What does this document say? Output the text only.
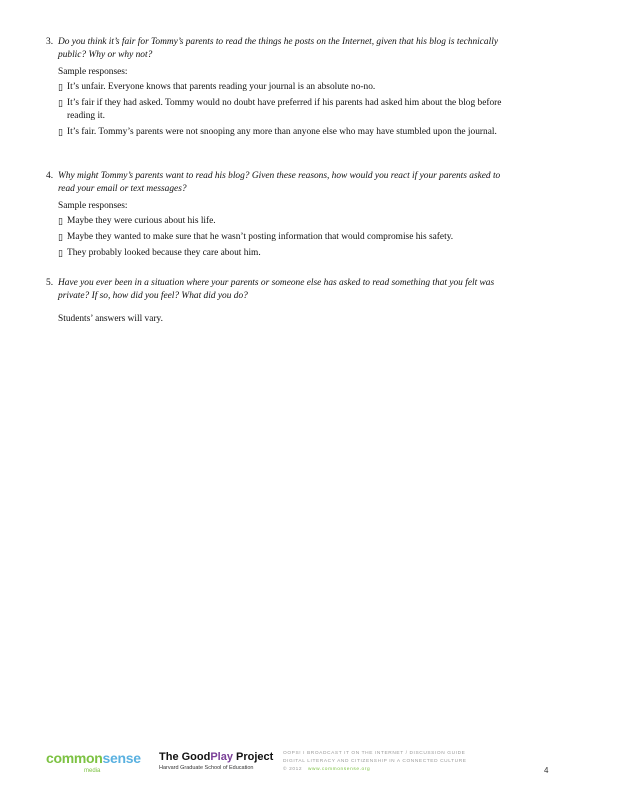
3. Do you think it’s fair for Tommy’s parents to read the things he posts on the Internet, given that his blog is technically public? Why or why not?
Sample responses:
▯ It’s unfair. Everyone knows that parents reading your journal is an absolute no-no.
▯ It’s fair if they had asked. Tommy would no doubt have preferred if his parents had asked him about the blog before reading it.
▯ It’s fair. Tommy’s parents were not snooping any more than anyone else who may have stumbled upon the journal.
4. Why might Tommy’s parents want to read his blog? Given these reasons, how would you react if your parents asked to read your email or text messages?
Sample responses:
▯ Maybe they were curious about his life.
▯ Maybe they wanted to make sure that he wasn’t posting information that would compromise his safety.
▯ They probably looked because they care about him.
5. Have you ever been in a situation where your parents or someone else has asked to read something that you felt was private? If so, how did you feel? What did you do?
Students’ answers will vary.
commonsense
media
The GoodPlay Project
Harvard Graduate School of Education
OOPS! I BROADCAST IT ON THE INTERNET / DISCUSSION GUIDE
DIGITAL LITERACY AND CITIZENSHIP IN A CONNECTED CULTURE
© 2012 www.commonsense.org	4
